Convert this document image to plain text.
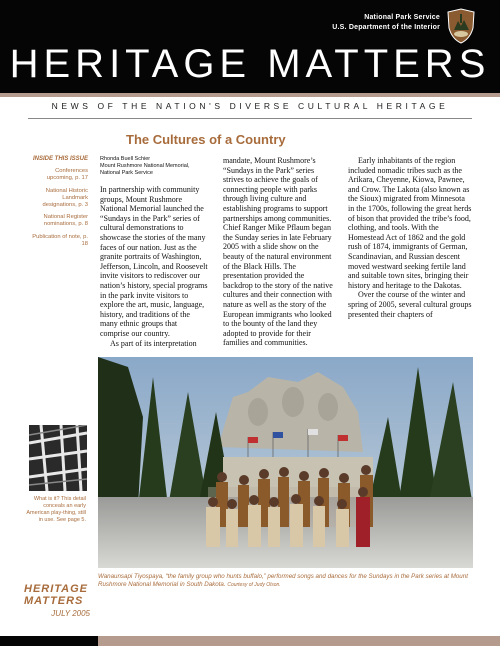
National Park Service
U.S. Department of the Interior
HERITAGE MATTERS
NEWS OF THE NATION'S DIVERSE CULTURAL HERITAGE
The Cultures of a Country
INSIDE THIS ISSUE
Conferences upcoming, p. 17
National Historic Landmark designations, p. 3
National Register nominations, p. 8
Publication of note, p. 18
Rhonda Buell Schier
Mount Rushmore National Memorial,
National Park Service

In partnership with community groups, Mount Rushmore National Memorial launched the “Sundays in the Park” series of cultural demonstrations to showcase the stories of the many faces of our nation. Just as the granite portraits of Washington, Jefferson, Lincoln, and Roosevelt invite visitors to rediscover our nation’s history, special programs in the park invite visitors to explore the art, music, language, history, and traditions of the many ethnic groups that comprise our country.

As part of its interpretation

mandate, Mount Rushmore’s “Sundays in the Park” series strives to achieve the goals of connecting people with parks through living culture and establishing programs to support partnerships among communities. Chief Ranger Mike Pflaum began the Sunday series in late February 2005 with a slide show on the beauty of the natural environment of the Black Hills. The presentation provided the backdrop to the story of the native cultures and their connection with nature as well as the story of the European immigrants who looked to the bounty of the land they adopted to provide for their families and communities.

Early inhabitants of the region included nomadic tribes such as the Arikara, Cheyenne, Kiowa, Pawnee, and Crow. The Lakota (also known as the Sioux) migrated from Minnesota in the 1700s, following the great herds of bison that provided the tribe’s food, clothing, and tools. With the Homestead Act of 1862 and the gold rush of 1874, immigrants of German, Scandinavian, and Russian descent moved westward seeking fertile land and suitable town sites, bringing their history and heritage to the Dakotas.

Over the course of the winter and spring of 2005, several cultural groups presented their chapters of

Wanaunsapi Tiyospaya, “the family group who hunts buffalo,” performed songs and dances for the Sundays in the Park series at Mount Rushmore National Memorial in South Dakota. Courtesy of Judy Olson.
What is it? This detail conceals an early American play-thing, still in use. See page 5.
HERITAGE MATTERS
JULY 2005
